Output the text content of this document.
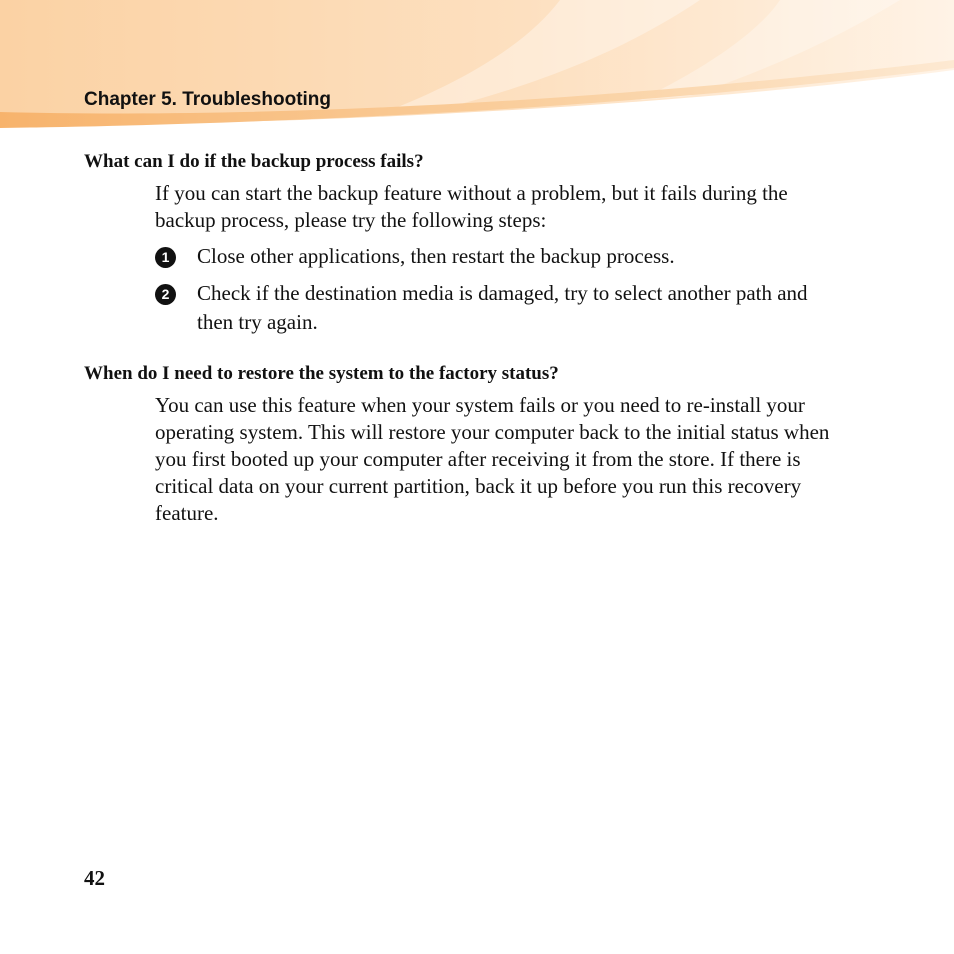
Chapter 5. Troubleshooting
What can I do if the backup process fails?
If you can start the backup feature without a problem, but it fails during the backup process, please try the following steps:
1	Close other applications, then restart the backup process.
2	Check if the destination media is damaged, try to select another path and then try again.
When do I need to restore the system to the factory status?
You can use this feature when your system fails or you need to re-install your operating system. This will restore your computer back to the initial status when you first booted up your computer after receiving it from the store. If there is critical data on your current partition, back it up before you run this recovery feature.
42
